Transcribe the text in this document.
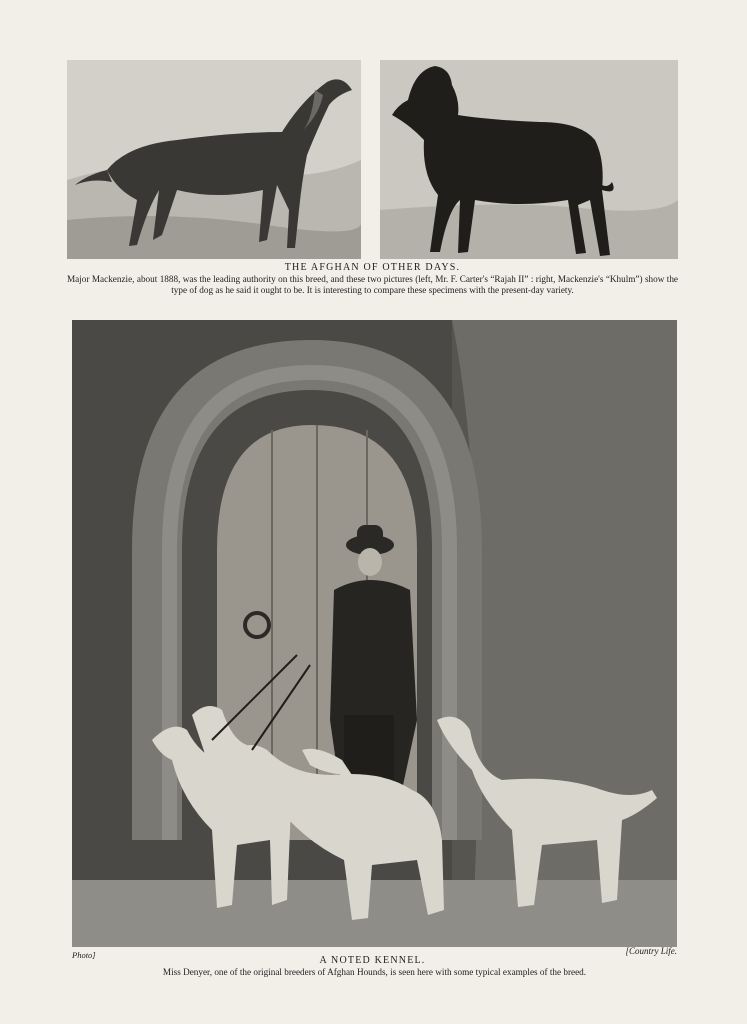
THE AFGHAN OF OTHER DAYS.
Major Mackenzie, about 1888, was the leading authority on this breed, and these two pictures (left, Mr. F. Carter's “Rajah II” : right, Mackenzie's “Khulm”) show the type of dog as he said it ought to be. It is interesting to compare these specimens with the present-day variety.
Photo]	[Country Life.
A NOTED KENNEL.
Miss Denyer, one of the original breeders of Afghan Hounds, is seen here with some typical examples of the breed.
